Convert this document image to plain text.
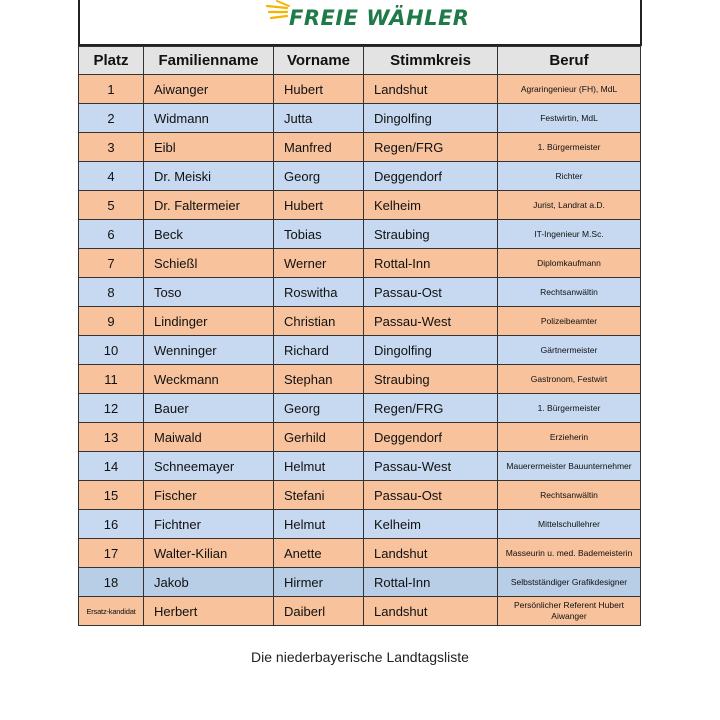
FREIE WÄHLER
Platz	Familienname	Vorname	Stimmkreis	Beruf
1	Aiwanger	Hubert	Landshut	Agraringenieur (FH), MdL
2	Widmann	Jutta	Dingolfing	Festwirtin, MdL
3	Eibl	Manfred	Regen/FRG	1. Bürgermeister
4	Dr. Meiski	Georg	Deggendorf	Richter
5	Dr. Faltermeier	Hubert	Kelheim	Jurist, Landrat a.D.
6	Beck	Tobias	Straubing	IT-Ingenieur M.Sc.
7	Schießl	Werner	Rottal-Inn	Diplomkaufmann
8	Toso	Roswitha	Passau-Ost	Rechtsanwältin
9	Lindinger	Christian	Passau-West	Polizeibeamter
10	Wenninger	Richard	Dingolfing	Gärtnermeister
11	Weckmann	Stephan	Straubing	Gastronom, Festwirt
12	Bauer	Georg	Regen/FRG	1. Bürgermeister
13	Maiwald	Gerhild	Deggendorf	Erzieherin
14	Schneemayer	Helmut	Passau-West	Mauerermeister Bauunternehmer
15	Fischer	Stefani	Passau-Ost	Rechtsanwältin
16	Fichtner	Helmut	Kelheim	Mittelschullehrer
17	Walter-Kilian	Anette	Landshut	Masseurin u. med. Bademeisterin
18	Jakob	Hirmer	Rottal-Inn	Selbstständiger Grafikdesigner
Ersatz-kandidat	Herbert	Daiberl	Landshut	Persönlicher Referent Hubert Aiwanger
Die niederbayerische Landtagsliste
